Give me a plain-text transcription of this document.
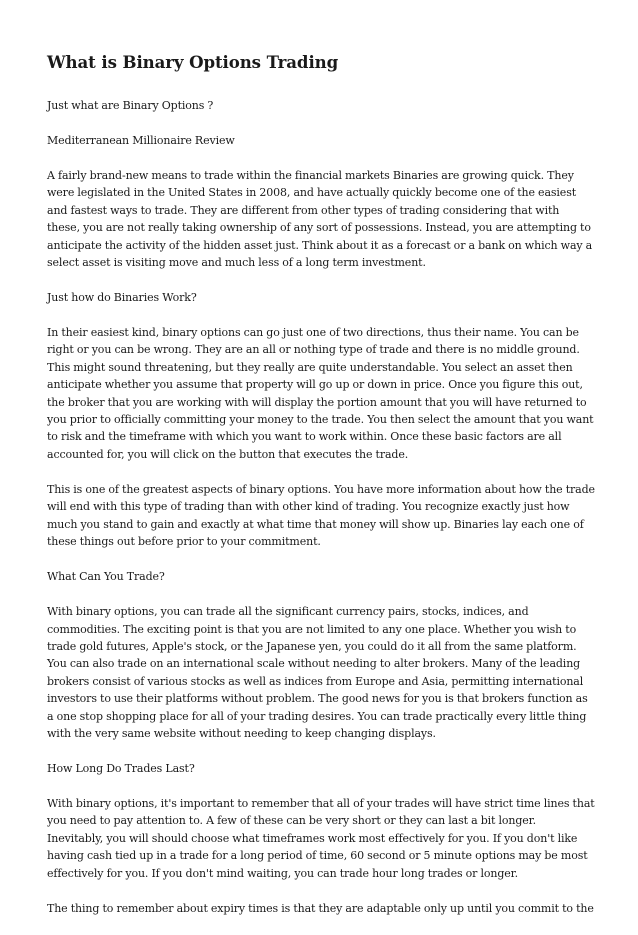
What is Binary Options Trading

Just what are Binary Options ?

Mediterranean Millionaire Review

A fairly brand-new means to trade within the financial markets Binaries are growing quick. They were legislated in the United States in 2008, and have actually quickly become one of the easiest and fastest ways to trade. They are different from other types of trading considering that with these, you are not really taking ownership of any sort of possessions. Instead, you are attempting to anticipate the activity of the hidden asset just. Think about it as a forecast or a bank on which way a select asset is visiting move and much less of a long term investment.

Just how do Binaries Work?

In their easiest kind, binary options can go just one of two directions, thus their name. You can be right or you can be wrong. They are an all or nothing type of trade and there is no middle ground. This might sound threatening, but they really are quite understandable. You select an asset then anticipate whether you assume that property will go up or down in price. Once you figure this out, the broker that you are working with will display the portion amount that you will have returned to you prior to officially committing your money to the trade. You then select the amount that you want to risk and the timeframe with which you want to work within. Once these basic factors are all accounted for, you will click on the button that executes the trade.

This is one of the greatest aspects of binary options. You have more information about how the trade will end with this type of trading than with other kind of trading. You recognize exactly just how much you stand to gain and exactly at what time that money will show up. Binaries lay each one of these things out before prior to your commitment.

What Can You Trade?

With binary options, you can trade all the significant currency pairs, stocks, indices, and commodities. The exciting point is that you are not limited to any one place. Whether you wish to trade gold futures, Apple's stock, or the Japanese yen, you could do it all from the same platform. You can also trade on an international scale without needing to alter brokers. Many of the leading brokers consist of various stocks as well as indices from Europe and Asia, permitting international investors to use their platforms without problem. The good news for you is that brokers function as a one stop shopping place for all of your trading desires. You can trade practically every little thing with the very same website without needing to keep changing displays.

How Long Do Trades Last?

With binary options, it's important to remember that all of your trades will have strict time lines that you need to pay attention to. A few of these can be very short or they can last a bit longer. Inevitably, you will should choose what timeframes work most effectively for you. If you don't like having cash tied up in a trade for a long period of time, 60 second or 5 minute options may be most effectively for you. If you don't mind waiting, you can trade hour long trades or longer.

The thing to remember about expiry times is that they are adaptable only up until you commit to the
